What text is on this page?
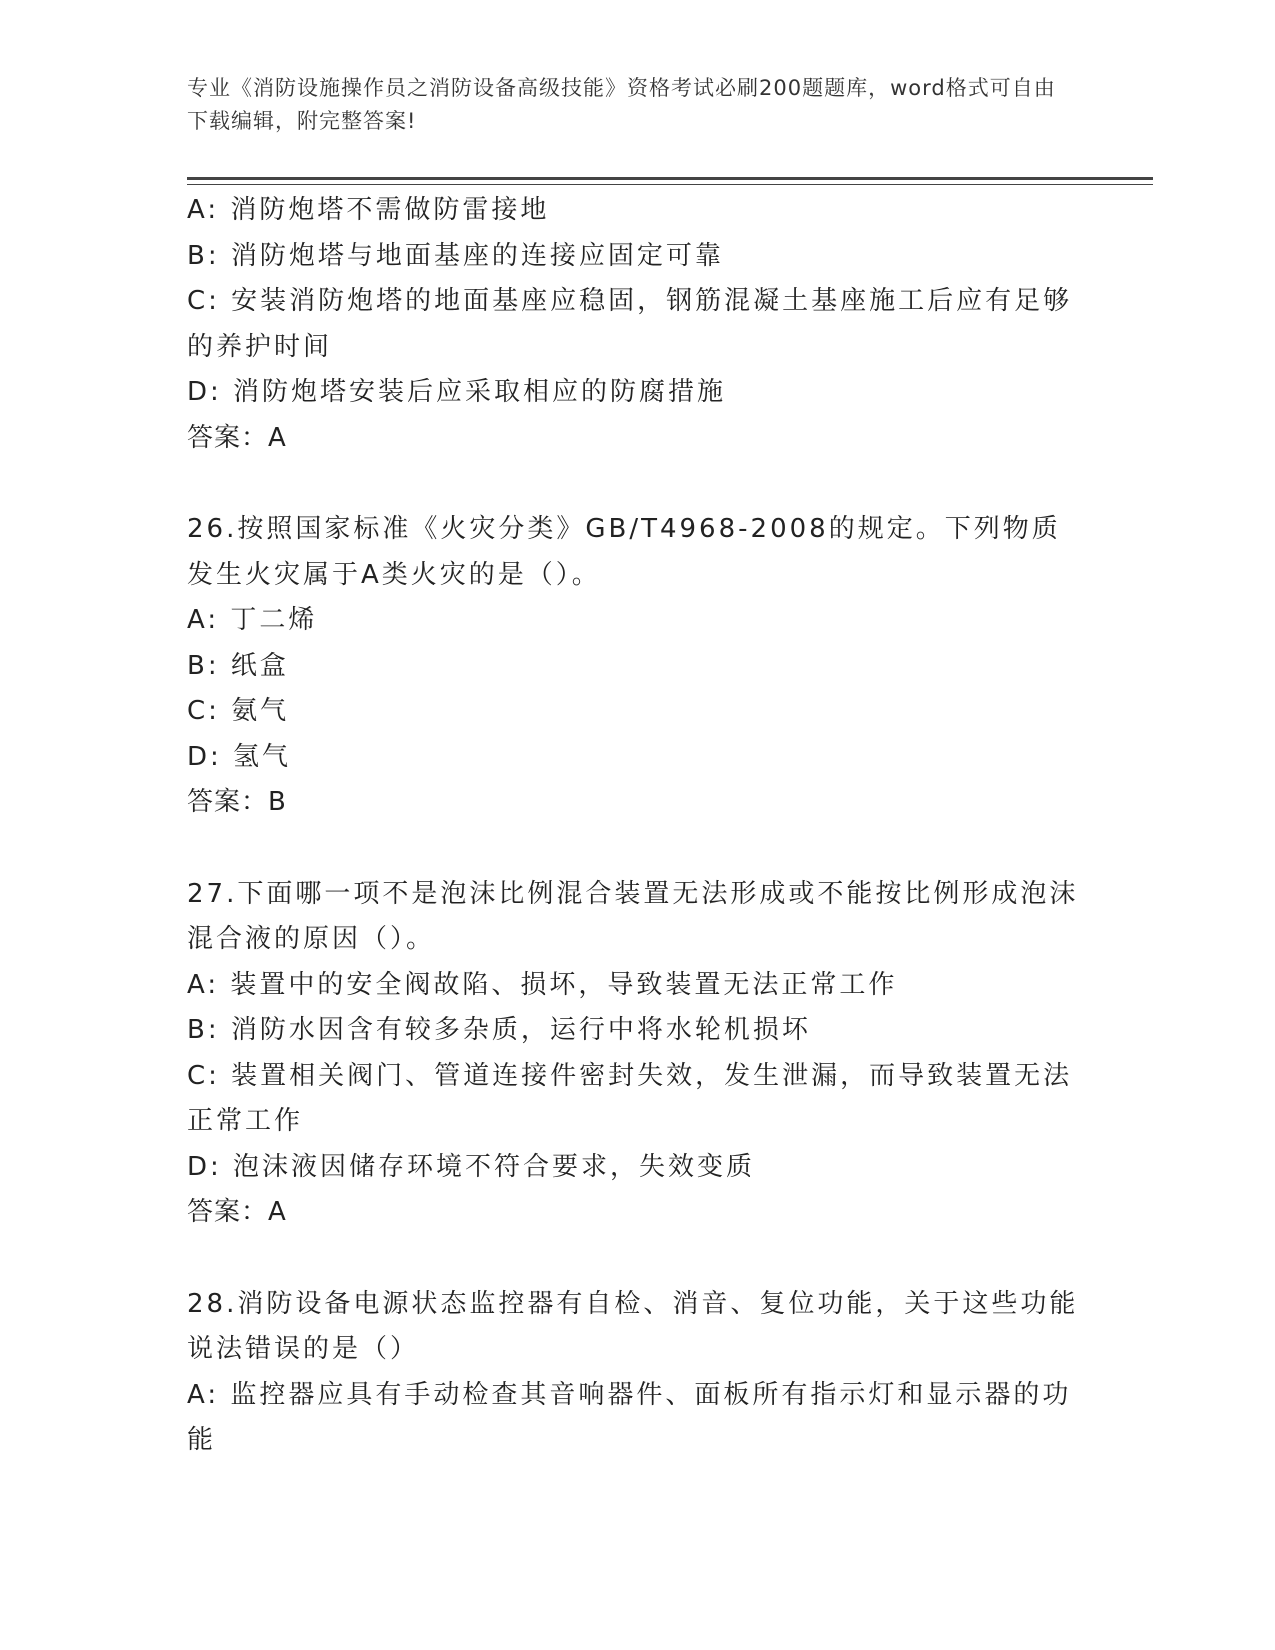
专业《消防设施操作员之消防设备高级技能》资格考试必刷200题题库，word格式可自由下载编辑，附完整答案!

A: 消防炮塔不需做防雷接地

B: 消防炮塔与地面基座的连接应固定可靠

C: 安装消防炮塔的地面基座应稳固，钢筋混凝土基座施工后应有足够的养护时间

D: 消防炮塔安装后应采取相应的防腐措施

答案：A

26.按照国家标准《火灾分类》GB/T4968-2008的规定。下列物质发生火灾属于A类火灾的是（）。

A: 丁二烯

B: 纸盒

C: 氨气

D: 氢气

答案：B

27.下面哪一项不是泡沫比例混合装置无法形成或不能按比例形成泡沫混合液的原因（）。

A: 装置中的安全阀故陷、损坏，导致装置无法正常工作

B: 消防水因含有较多杂质，运行中将水轮机损坏

C: 装置相关阀门、管道连接件密封失效，发生泄漏，而导致装置无法正常工作

D: 泡沫液因储存环境不符合要求，失效变质

答案：A

28.消防设备电源状态监控器有自检、消音、复位功能，关于这些功能说法错误的是（）

A: 监控器应具有手动检查其音响器件、面板所有指示灯和显示器的功能
